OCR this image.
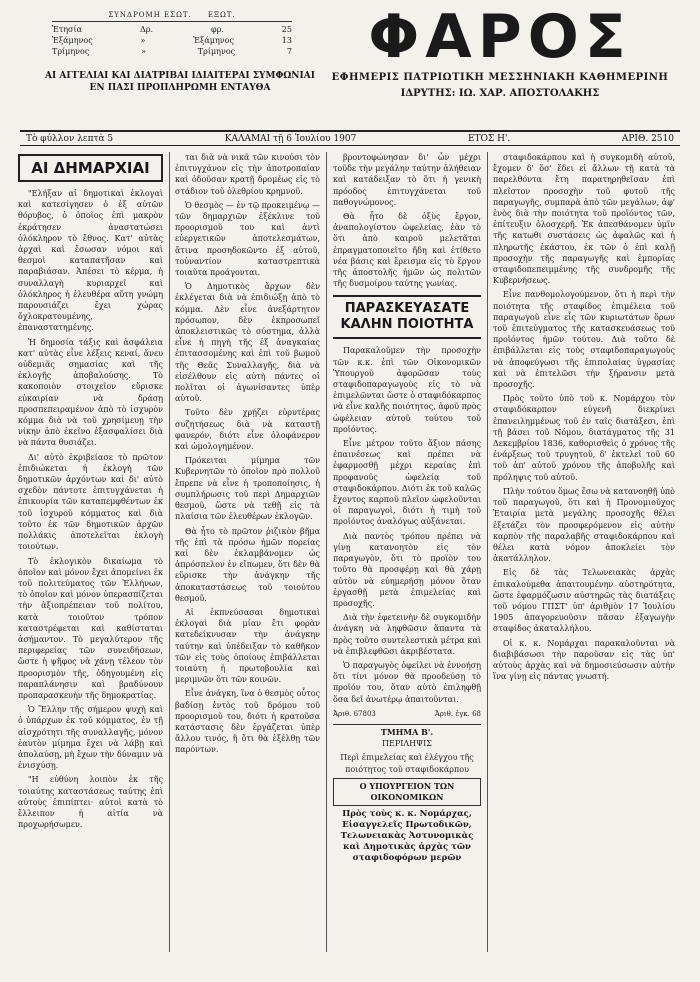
ΣΥΝΔΡΟΜΗ ΕΣΩΤ. ΕΞΩΤ.
Ἐτησία	Δρ.	φρ.	25
Ἑξάμηνος	»	Ἑξάμηνος	13
Τρίμηνος	»	Τρίμηνος	7
ΑΙ ΑΓΓΕΛΙΑΙ ΚΑΙ ΔΙΑΤΡΙΒΑΙ ΙΔΙΑΙΤΕΡΑΙ ΣΥΜΦΩΝΙΑΙ
ΕΝ ΠΑΣΙ ΠΡΟΠΛΗΡΩΜΗ ΕΝΤΑΥΘΑ
ΦΑΡΟΣ
ΕΦΗΜΕΡΙΣ ΠΑΤΡΙΩΤΙΚΗ ΜΕΣΣΗΝΙΑΚΗ ΚΑΘΗΜΕΡΙΝΗ
ΙΔΡΥΤΗΣ: ΙΩ. ΧΑΡ. ΑΠΟΣΤΟΛΑΚΗΣ
Τὸ φύλλον λεπτὰ 5	ΚΑΛΑΜΑΙ τῇ 6 Ἰουλίου 1907	ΕΤΟΣ Η'.	ΑΡΙΘ. 2510
ΑΙ ΔΗΜΑΡΧΙΑΙ

"Ελήξαν αἱ δημοτικαὶ ἐκλογαὶ καὶ κατεσίγησεν ὁ ἐξ αὐτῶν θόρυβος, ὁ ὁποῖος ἐπὶ μακρὸν ἐκράτησεν ἀναστατώσει ὁλόκληρον τὸ ἔθνος. Κατ' αὐτὰς ἀρχαὶ καὶ ἔσωσαν νόμοι καὶ θεσμοὶ καταπατῆσαν καὶ παραβιάσαν. Ἀπέσει τὸ κέρμα, ἡ συναλλαγὴ κυριαρχεῖ καὶ ὁλόκληρος ἡ ἐλευθέρα αὕτη γνώμη παρουσιάζει ἔχει χώρας ὄχλοκρατουμένης, ἐπαναστατημένης.

Ἡ δημοσία τάξις καὶ ἀσφάλεια κατ' αὐτὰς εἶνε λέξεις κεναί, ἄνευ οὐδεμιᾶς σημασίας καὶ τῆς ἐκλογῆς ἀποβαλούσης. Τὸ κακοποιὸν στοιχεῖον εὕρισκε εὐκαιρίαν νὰ δράσῃ προσπεπειραμένον ἀπὸ τὸ ἰσχυρὸν κόμμα διὰ νὰ τοῦ χρησίμευῃ τὴν νίκην ἀπὸ ἐκεῖνο ἐξασφαλίσει διὰ νὰ πάντα θυσιάζει.

Δι' αὐτὸ ἐκριβείασε τὸ πρῶτον ἐπιδιώκεται ἡ ἐκλογὴ τῶν δημοτικῶν ἀρχόντων καὶ δι' αὐτὸ σχεδὸν πάντοτε ἐπιτυγχάνεται ἡ ἐπικουρία τῶν καταπεμφθέντων ἐκ τοῦ ἰσχυροῦ κόμματος καὶ διὰ τοῦτο ἐκ τῶν δημοτικῶν ἀρχῶν πολλάκις ἀποτελεῖται ἐκλογὴ τοιούτων.

Τὸ ἐκλογικὸν δικαίωμα τὸ ὁποῖον καὶ μόνον ἔχει ἀπομείνει ἐκ τοῦ πολιτεύματος τῶν Ἑλλήνων, τὸ ὁποῖον καὶ μόνον ὑπερασπίζεται τὴν ἀξιοπρέπειαν τοῦ πολίτου, κατὰ τοιοῦτον τρόπον καταστρέφεται καὶ καθίσταται ἀσήμαντον. Τὸ μεγαλύτερον τῆς περιφερείας τῶν συνειδήσεων, ὥστε ἡ ψῆφος νὰ χάνῃ τέλεον τὸν προορισμὸν τῆς, ὁδηγουμένη εἰς παραπλάνησιν καὶ βραδύνουν προπαρασκευὴν τῆς δημοκρατίας.

Ὁ Ἕλλην τῆς σήμερον ψυχὴ καὶ ὁ ὑπάρχων ἐκ τοῦ κόμματος, ἐν τῇ αἰσχρότητι τῆς συναλλαγῆς, μόνον ἑαυτὸν μίμημα ἔχει νὰ λάβῃ καὶ ἀπολαύσῃ, μὴ ἔχων τὴν δύναμιν νὰ ἐνισχύσῃ.

"Η εὐθύνη λοιπὸν ἐκ τῆς τοιαύτης καταστάσεως ταύτης ἐπὶ αὐτοὺς ἐπιπίπτει· αὐτοὶ κατὰ τὸ ἔλλειπον ἡ αἰτία νὰ προχωρήσωμεν.

ται διὰ νὰ νικᾶ τῶν κινούσι τὸν ἐπιτυγχάνον εἰς τὴν ἀποτροπαίαν καὶ ὀδοῦσαν κρατῇ δρομέως εἰς τὸ στάδιον τοῦ ὀλεθρίου κρημνοῦ.

Ὁ θεσμὸς — ἐν τῷ προκειμένῳ — τῶν δημαρχιῶν ἐξέκλινε τοῦ προορισμοῦ του καὶ ἀντὶ εὐεργετικῶν ἀποτελεσμάτων, ἄτινα προσηδοκῶντο ἐξ αὐτοῦ, τοὐναντίον καταστρεπτικὰ τοιαῦτα προάγονται.

Ὁ Δημοτικὸς ἄρχων δὲν ἐκλέγεται διὰ νὰ ἐπιδιώξῃ ἀπὸ τὸ κόμμα. Δὲν εἶνε ἀνεξάρτητον πρόσωπον, δὲν ἐκπροσωπεῖ ἀποκλειστικῶς τὸ σύστημα, ἀλλὰ εἶνε ἡ πηγὴ τῆς ἐξ ἀναγκαίας ἐπιτασσομένης καὶ ἐπὶ τοῦ βωμοῦ τῆς Θεᾶς Συναλλαγῆς, διὰ νὰ εἰσέλθουν εἰς αὐτὴ πάντες οἱ πολῖται οἱ ἀγωνίσαντες ὑπὲρ αὐτοῦ.

Τοῦτο δὲν χρῄζει εὐρυτέρας συζητήσεως διὰ νὰ καταστῇ φανερόν, διότι εἶνε ὁλοφάνερον καὶ ὡμολογημένον.

Πρόκειται μίμημα τῶν Κυβερνητῶν τὸ ὁποῖον πρὸ πολλοῦ ἔπρεπε νὰ εἶνε ἡ τροποποίησις, ἡ συμπλήρωσις τοῦ περὶ Δημαρχιῶν θεσμοῦ, ὥστε νὰ τεθῇ εἰς τὰ πλαίσια τῶν ἐλευθέρων ἐκλογῶν.

Θὰ ἦτο τὸ πρῶτον ῥιζικὸν βῆμα τῆς ἐπὶ τὰ πρόσω ἡμῶν πορείας καὶ δὲν ἐκλαμβάνομεν ὡς ἀπρόσπελον ἐν εἴπωμεν, ὅτι δὲν θὰ εὕρισκε τὴν ἀνάγκην τῆς ἀποκαταστάσεως τοῦ τοιούτου θεσμοῦ.

Αἱ ἐκπνεύσασαι δημοτικαὶ ἐκλογαὶ διὰ μίαν ἔτι φορὰν κατεδείκνυσαν τὴν ἀνάγκην ταύτην καὶ ὑπέδειξαν τὸ καθῆκον τῶν εἰς τοὺς ὁποίους ἐπιβάλλεται τοιαύτη ἡ πρωτοβουλία καὶ μεριμνῶν ὅτι τῶν κοινῶν.

Εἶνε ἀνάγκη, ἵνα ὁ θεσμὸς οὗτος βαδίσῃ ἐντὸς τοῦ δρόμου τοῦ προορισμοῦ του, διότι ἡ κρατοῦσα κατάστασις δὲν ἐργάζεται ὑπὲρ ἄλλου τινός, ἢ ὅτι θὰ ἐξέλθῃ τῶν παρόντων.

βροντοφώνησαν δι' ὧν μέχρι τοῦδε τὴν μεγάλην ταύτην ἀλήθειαν καὶ κατάδειξαν τὸ ὅτι ἡ γενικὴ πρόοδος ἐπιτυγχάνεται τοῦ παθογνώμονος.

Θὰ ἦτο δὲ ὀξὺς ἔργον, ἀναπολογίστου ὠφελείας, ἐὰν τὸ ὅτι ἀπὸ καιροῦ μελετᾶται ἐπραγματοποιεῖτο ἤδη καὶ ἐτίθετο νέα βάσις καὶ ἔρεισμα εἰς τὸ ἔργον τῆς ἀποστολῆς ἡμῶν ὡς πολιτῶν τῆς δυσμοίρου ταύτης γωνίας.

ΠΑΡΑΣΚΕΥΑΣΑΤΕ ΚΑΛΗΝ ΠΟΙΟΤΗΤΑ

Παρακαλοῦμεν τὴν προσοχὴν τῶν κ.κ. ἐπὶ τῶν Οἰκονομικῶν Ὑπουργοῦ ἀφορῶσαν τοὺς σταφιδοπαραγωγοὺς εἰς τὸ νὰ ἐπιμελῶνται ὥστε ὁ σταφιδόκαρπος νὰ εἶνε καλῆς ποιότητος, ἀφοῦ πρὸς ὠφέλειαν αὐτοῦ τούτου τοῦ προϊόντος.

Εἶνε μέτρον τοῦτο ἄξιον πάσης ἐπαινέσεως καὶ πρέπει νὰ ἐφαρμοσθῇ μέχρι κεραίας ἐπὶ προφανοῦς ὠφελείᾳ τοῦ σταφιδοκάρπου. Διότι ἐκ τοῦ καλῶς ἔχοντος καρποῦ πλεῖον ὠφελοῦνται οἱ παραγωγοὶ, διότι ἡ τιμὴ τοῦ προϊόντος ἀναλόγως αὐξάνεται.

Διὰ παντὸς τρόπου πρέπει νὰ γίνῃ κατανοητὸν εἰς τὸν παραγωγὸν, ὅτι τὸ προϊὸν του τοῦτο θὰ προσφέρῃ καὶ θὰ χάρῃ αὐτὸν νὰ εὐημερήσῃ μόνον ὅταν ἐργασθῇ μετὰ ἐπιμελείας καὶ προσοχῆς.

Διὰ τὴν ἐφετεινὴν δὲ συγκομιδὴν ἀνάγκη νὰ ληφθῶσιν ἅπαντα τὰ πρὸς τοῦτο συντελεστικὰ μέτρα καὶ νὰ ἐπιβλεφθῶσι ἀκριβέστατα.

Ὁ παραγωγὸς ὀφείλει νὰ ἐννοήσῃ ὅτι τίνι μόνον θὰ προοδεύσῃ τὸ προϊόν του, ὅταν αὐτὸ ἐπιληφθῇ ὅσα δεῖ ἀνωτέρῳ ἀπαιτοῦνται.

Ἀριθ. 67803	Ἀριθ. ἐγκ. 68
ΤΜΗΜΑ Β'.
ΠΕΡΙΛΗΨΙΣ

Περὶ ἐπιμελείας καὶ ἐλέγχου τῆς ποιότητος τοῦ σταφιδοκάρπου

Ο ΥΠΟΥΡΓΕΙΟΝ ΤΩΝ ΟΙΚΟΝΟΜΙΚΩΝ
Πρὸς τοὺς κ. κ. Νομάρχας, Εἰσαγγελεῖς Πρωτοδικῶν, Τελωνειακὰς Ἀστυνομικὰς καὶ Δημοτικὰς ἀρχὰς τῶν σταφιδοφόρων μερῶν

σταφιδοκάρπου καὶ ἡ συγκομιδὴ αὐτοῦ, ἔχομεν δ' ὅσ' ἔδει εἰ ἄλλων τῇ κατὰ τὰ παρελθόντα ἔτη παρατηρηθεῖσαν ἐπὶ πλεῖστον προσοχὴν τοῦ φυτοῦ τῆς παραγωγῆς, συμπαρὰ ἀπὸ τῶν μεγάλων, ἀφ' ἑνὸς διὰ τὴν ποιότητα τοῦ προϊόντος τῶν, ἐπίτευξιν ὁλοσχερῆ. Ἐκ ἀπεσθάνομεν ὑμῖν τῆς κατωθι συστάσεις ὡς ἀφαλῶς καὶ ἡ πληρωτῆς ἑκάστου, ἐκ τῶν ὁ ἐπὶ καλῇ προσοχὴν τῆς παραγωγῆς καὶ ἐμπορίας σταφιδοπεπειμμένης τῆς συνδρομῆς τῆς Κυβερνήσεως.

Εἶνε πανθομολογούμενον, ὅτι ἡ περὶ τὴν ποιότητα τῆς σταφίδος ἐπιμέλεια τοῦ παραγωγοῦ εἶνε εἷς τῶν κυριωτάτων ὅρων τοῦ ἐπιτεύγματος τῆς κατασκευάσεως τοῦ προϊόντος ἡμῶν τούτου. Διὰ τοῦτο δὲ ἐπιβάλλεται εἰς τοὺς σταφιδοπαραγωγοὺς νὰ ἀποφεύγωσι τῆς ἐπιπολαίας ὑγρασίας καὶ νὰ ἐπιτελῶσι τὴν ξήρανσιν μετὰ προσοχῆς.

Πρὸς τοῦτο ὑπὸ τοῦ κ. Νομάρχου τὸν σταφιδόκαρπον εὐγενῆ διεκρίνει ἐπανειλημμένως τοῦ ἐν ταῖς διατάξεσι, ἐπὶ τῇ βάσει τοῦ Νόμου, διατάγματος τῆς 31 Δεκεμβρίου 1836, καθορισθεὶς ὁ χρόνος τῆς ἐνάρξεως τοῦ τρυγητοῦ, δ' ἐκτελεῖ τοῦ 60 τοῦ ἀπ' αὐτοῦ χρόνου τῆς ἀποβολῆς καὶ πρόληψις τοῦ αὐτοῦ.

Πλὴν τούτου ὅμως ἕσω νὰ κατανοηθῇ ὑπὸ τοῦ παραγωγοῦ, ὅτι καὶ ἡ Προνομιοῦχος Ἑταιρία μετὰ μεγάλης προσοχῆς θέλει ἐξετάζει τὸν προσφερόμενον εἰς αὐτὴν καρπὸν τῆς παραλαβῆς σταφιδοκάρπου καὶ θέλει κατὰ νόμον ἀποκλείει τὸν ἀκατάλληλον.

Εἰς δὲ τὰς Τελωνειακὰς ἀρχὰς ἐπικαλούμεθα ἀπαιτουμένην αὐστηρότητα, ὥστε ἐφαρμόζωσιν αὐστηρῶς τὰς διατάξεις τοῦ νόμου ΓΠΣΤ' ὑπ' ἀριθμὸν 17 Ἰουλίου 1905 ἀπαγορευοῦσιν πᾶσαν ἐξαγωγὴν σταφίδος ἀκαταλλήλου.

Οἱ κ. κ. Νομάρχαι παρακαλοῦνται νὰ διαβιβάσωσι τὴν παροῦσαν εἰς τὰς ὑπ' αὐτοὺς ἀρχὰς καὶ νὰ δημοσιεύσωσιν αὐτὴν ἵνα γίνῃ εἰς πάντας γνωστή.
